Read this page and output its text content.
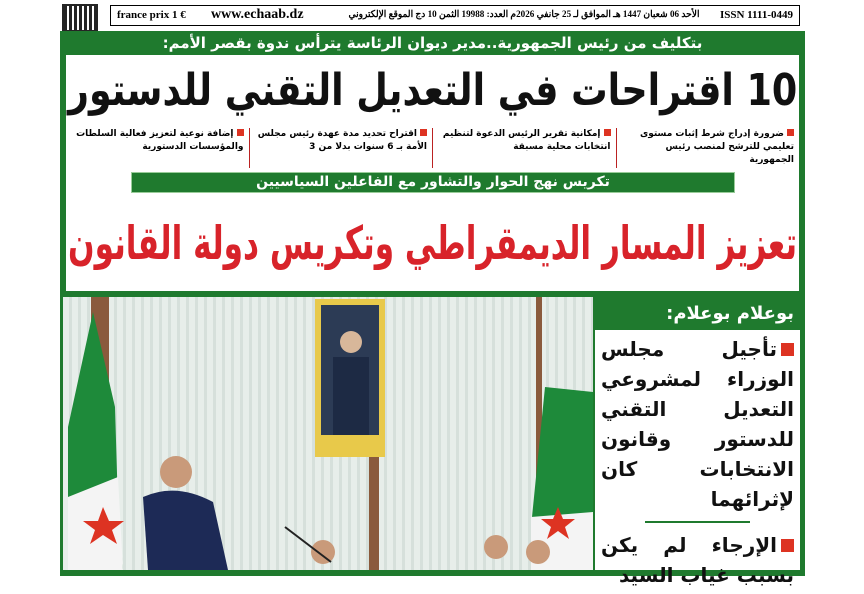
france prix 1 €	www.echaab.dz	الأحد 06 شعبان 1447 هـ الموافق لـ 25 جانفي 2026م العدد: 19988 الثمن 10 دج الموقع الإلكتروني	ISSN 1111-0449
بتكليف من رئيس الجمهورية..مدير ديوان الرئاسة يترأس ندوة بقصر الأمم:
10 اقتراحات في التعديل التقني للدستور
ضرورة إدراج شرط إثبات مستوى تعليمي للترشح لمنصب رئيس الجمهورية
إمكانية تقرير الرئيس الدعوة لتنظيم انتخابات محلية مسبقة
اقتراح تحديد مدة عهدة رئيس مجلس الأمة بـ 6 سنوات بدلا من 3
إضافة نوعية لتعزيز فعالية السلطات والمؤسسات الدستورية
تكريس نهج الحوار والتشاور مع الفاعلين السياسيين
تعزيز المسار الديمقراطي وتكريس دولة القانون
بوعلام بوعلام:
تأجيل مجلس الوزراء لمشروعي التعديل التقني للدستور وقانون الانتخابات كان لإثرائهما
الإرجاء لم يكن بسبب غياب السيد
